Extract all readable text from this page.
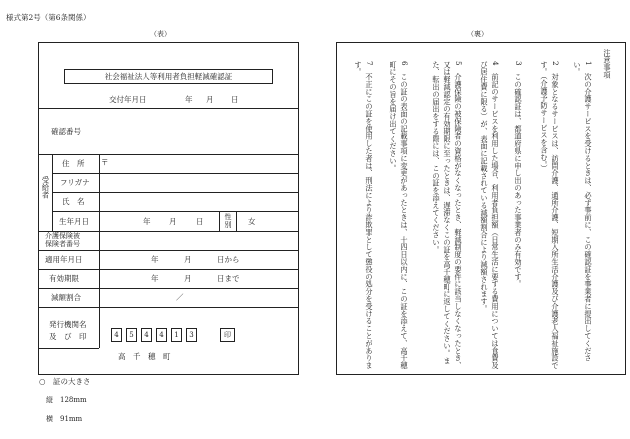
様式第2号（第6条関係）
（表）
社会福祉法人等利用者負担軽減確認証
交付年月日	年 月 日
確認番号
受給者
住　所 〒
フリガナ
氏　名
生年月日	年 月	日	性別	女
介護保険被
保険者番号
適用年月日	年	月	日から
有効期限	年	月	日まで
減額割合	／
発行機関名
及　び　印	4	5	4	4	1	3	印
高　千　穂　町
○　証の大きさ
縦　128mm
横　91mm
（裏）
注意事項
1　次の介護サービスを受けるときは、必ず事前に、この確認証を事業者に提出してください。
2　対象となるサービスは、訪問介護、通所介護、短期入所生活介護及び介護老人福祉施設です。（介護予防サービスを含む。）
3　この確認証は、都道府県に申し出のあった事業者のみ有効です。
4　前記のサービスを利用した場合、利用者負担額（日常生活に要する費用については食費及び居住費に限る）が、表面に記載されている減額割合により減額されます。
5　介護保険の被保険者の資格がなくなったとき、軽減制度の要件に該当しなくなったとき、又は軽減認定の有効期限に至ったときは、遅滞なくこの証を高千穂町に返してください。また、転出の届出をする際には、この証を添えてください。
6　この証の表面の記載事項に変更があったときは、十四日以内に、この証を添えて、高千穂町にその旨を届け出てください。
7　不正にこの証を使用した者は、刑法により詐欺罪として懲役の処分を受けることがあります。
